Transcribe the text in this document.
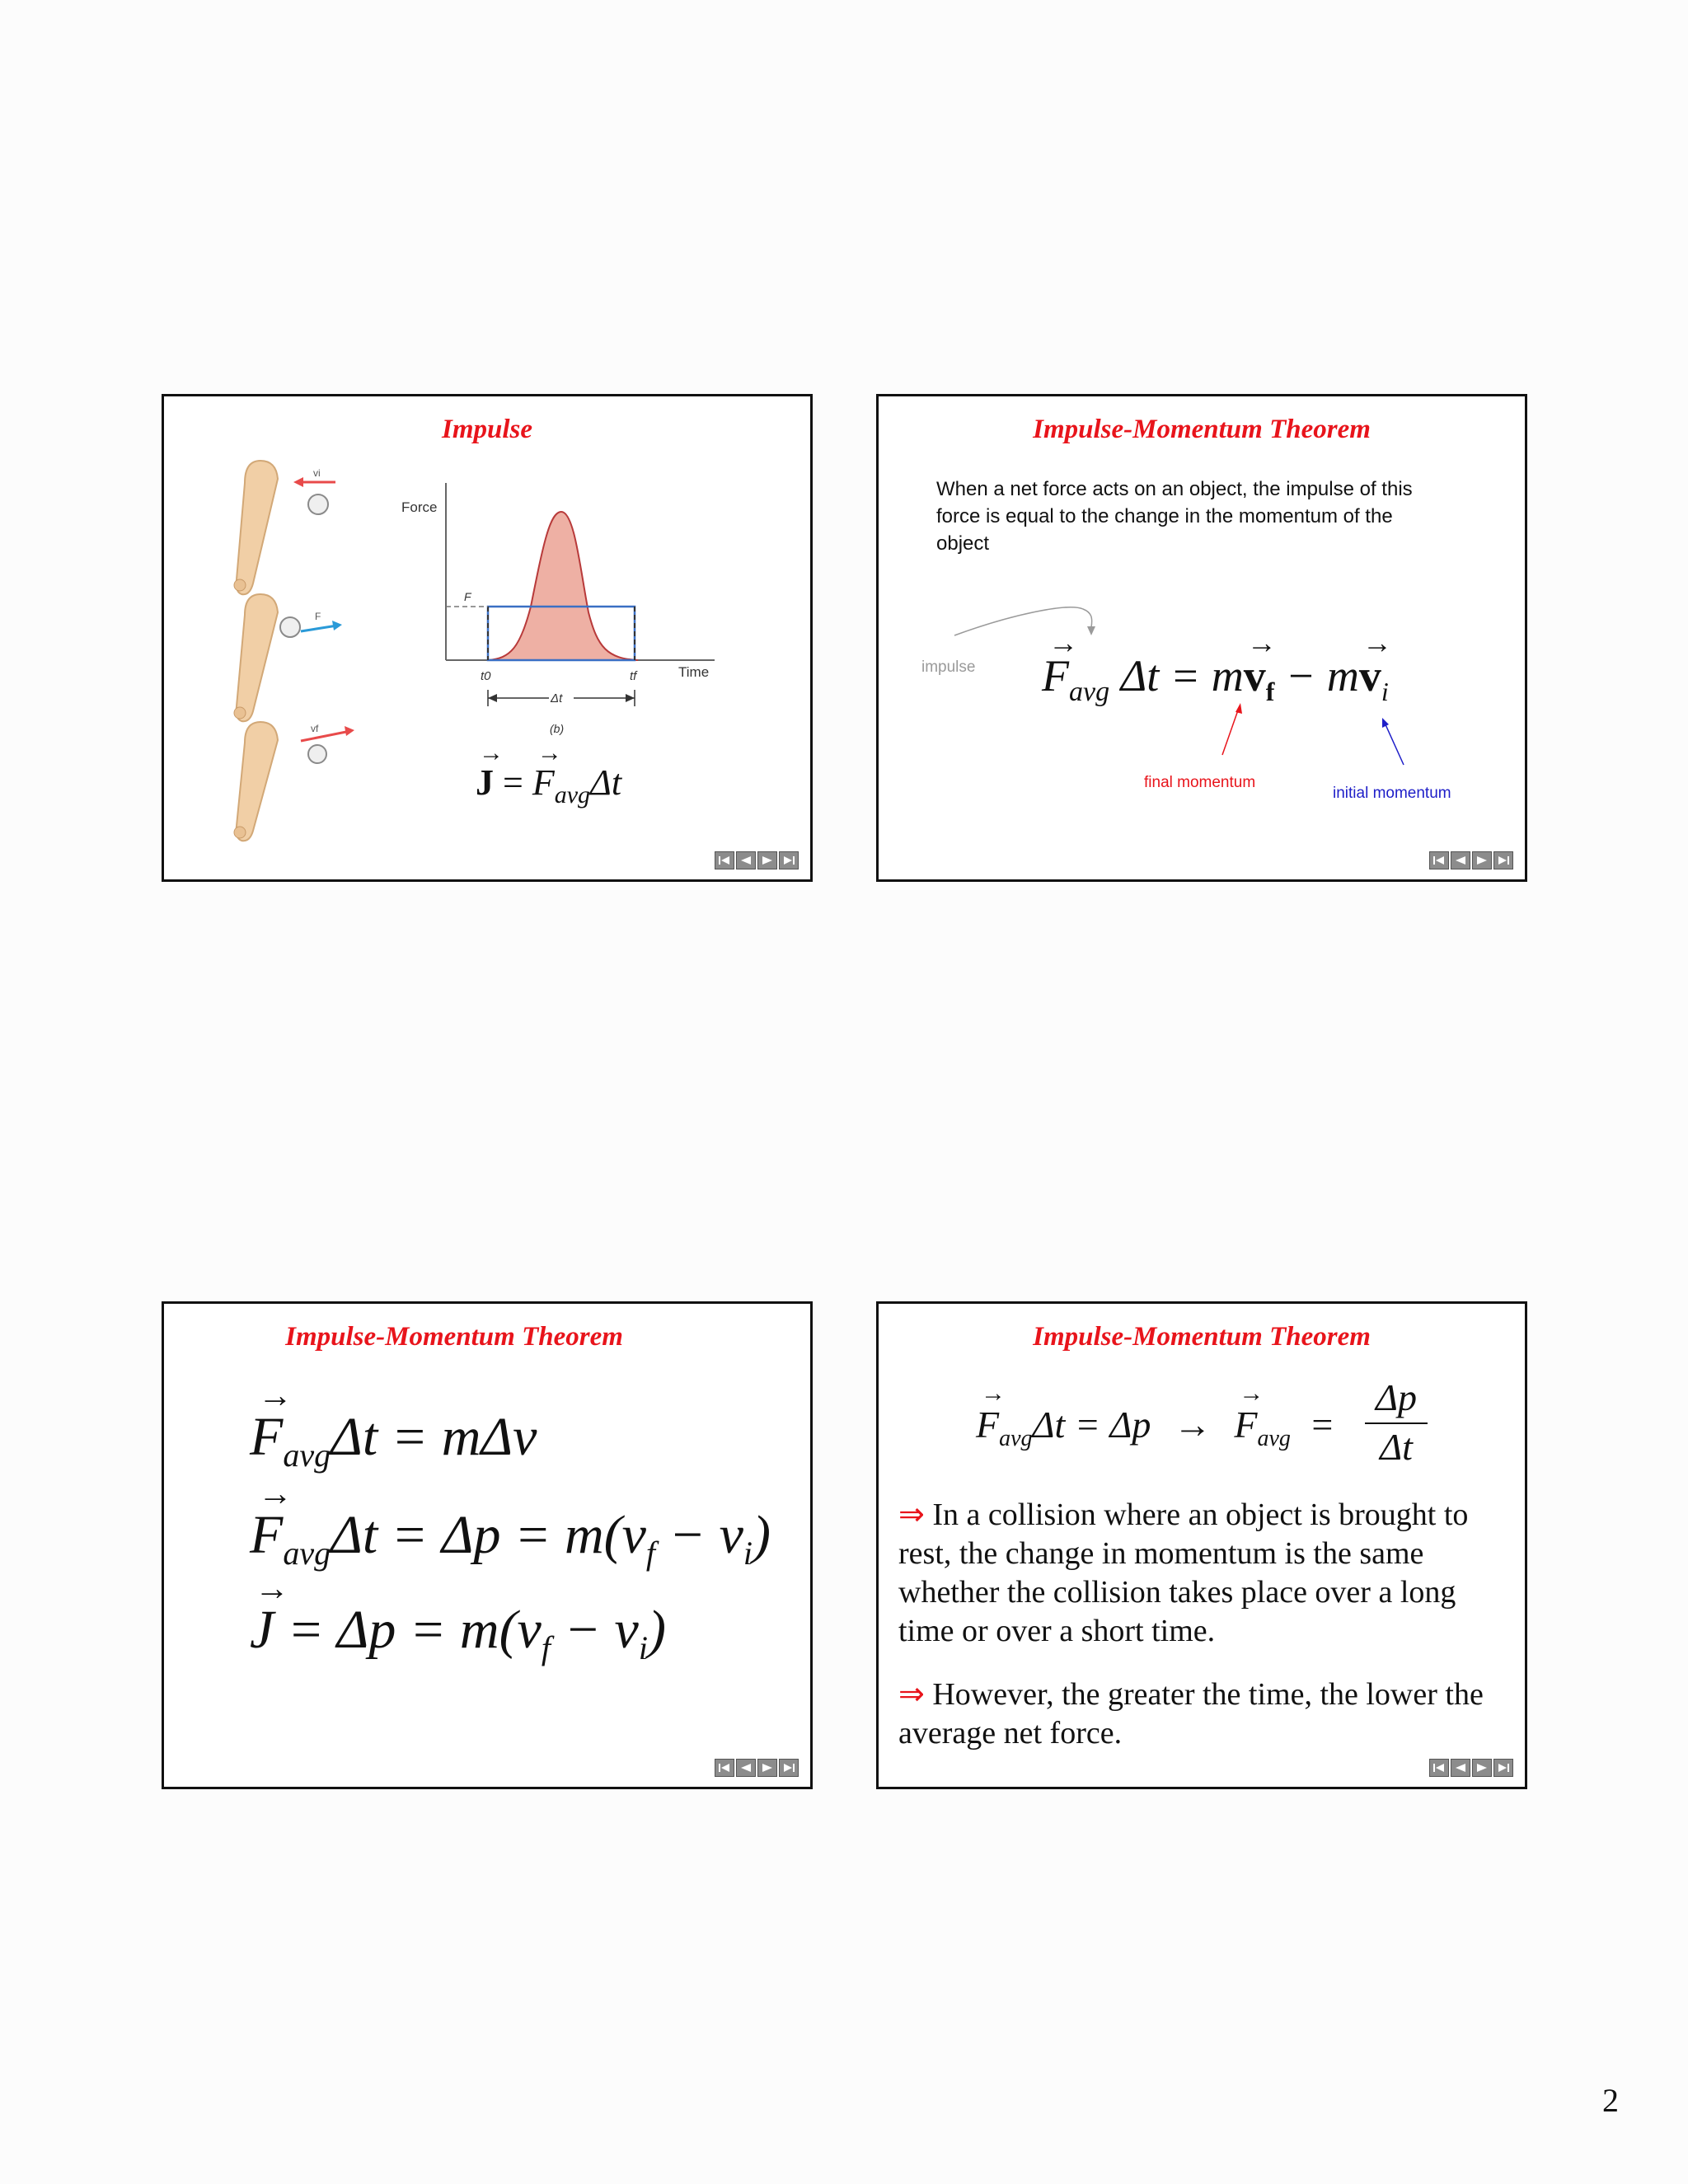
Impulse
vi
F
vf
Force
Time
F
t0	tf
Δt
(b)
→
J =
→
$F_{avg}\Delta t$
Impulse-Momentum Theorem
When a net force acts on an object, the impulse of this force is equal to the change in the momentum of the object
impulse
final momentum
initial momentum
→
$F_{avg}$ Δt = m
→
$v_f - m$
→
$v_i$
Impulse-Momentum Theorem
→
$F_{avg}\Delta t = m\Delta v$
→
$F_{avg}\Delta t = \Delta p = m(v_f - v_i)$
→
$J = \Delta p = m(v_f - v_i)$
Impulse-Momentum Theorem
→
$F_{avg}\Delta t = \Delta p$ →
→
$F_{avg}$ =
Δp
Δt
⇒ In a collision where an object is brought to rest, the change in momentum is the same whether the collision takes place over a long time or over a short time.
⇒ However, the greater the time, the lower the average net force.
2
